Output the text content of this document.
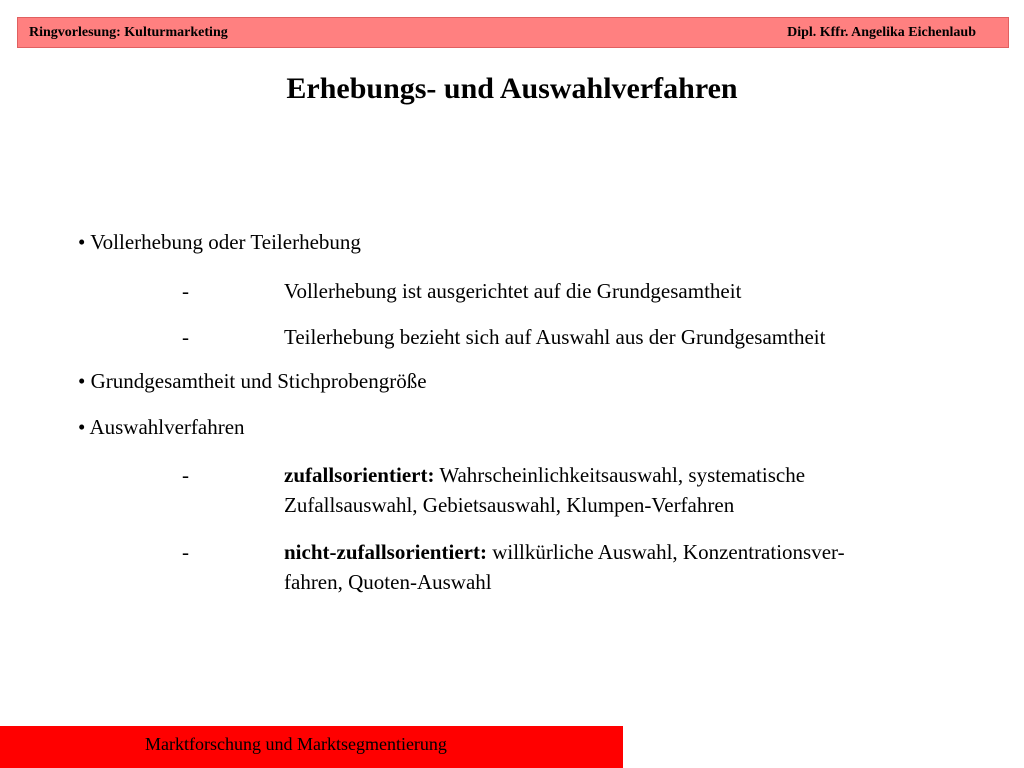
Ringvorlesung: Kulturmarketing	Dipl. Kffr. Angelika Eichenlaub
Erhebungs- und Auswahlverfahren
• Vollerhebung oder Teilerhebung
-	Vollerhebung ist ausgerichtet auf die Grundgesamtheit
-	Teilerhebung bezieht sich auf Auswahl aus der Grundgesamtheit
• Grundgesamtheit und Stichprobengröße
• Auswahlverfahren
-	zufallsorientiert: Wahrscheinlichkeitsauswahl, systematische
Zufallsauswahl, Gebietsauswahl, Klumpen-Verfahren
-	nicht-zufallsorientiert: willkürliche Auswahl, Konzentrationsver-
fahren, Quoten-Auswahl
Marktforschung und Marktsegmentierung
